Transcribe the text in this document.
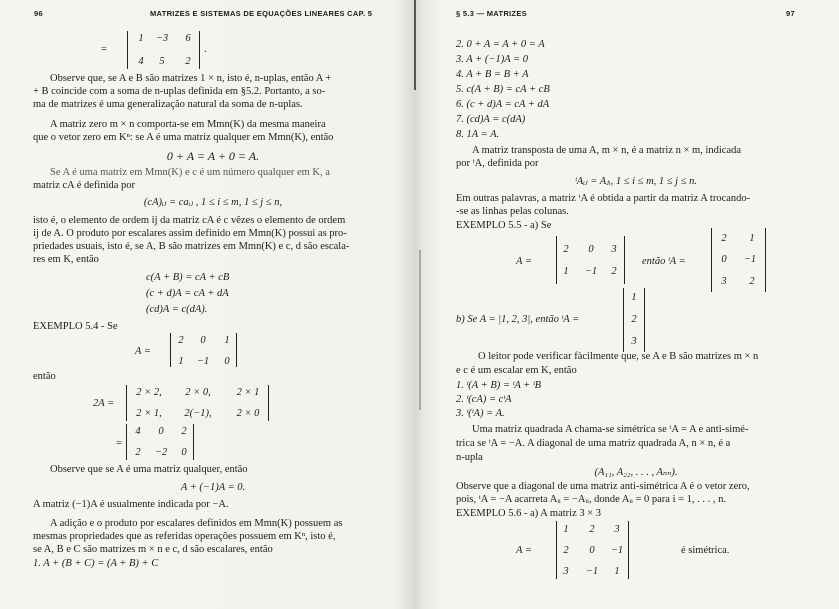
96	MATRIZES E SISTEMAS DE EQUAÇÕES LINEARES CAP. 5
=
1	−3	6
4	5	2
.
Observe que, se A e B são matrizes 1 × n, isto é, n-uplas, então A +
+ B coincide com a soma de n-uplas definida em §5.2. Portanto, a so-
ma de matrizes é uma generalização natural da soma de n-uplas.
A matriz zero m × n comporta-se em Mmn(K) da mesma maneira
que o vetor zero em Kⁿ: se A é uma matriz qualquer em Mmn(K), então
0 + A = A + 0 = A.
Se A é uma matriz em Mmn(K) e c é um número qualquer em K, a
matriz cA é definida por
(cA)ᵢⱼ = caᵢⱼ , 1 ≤ i ≤ m, 1 ≤ j ≤ n,
isto é, o elemento de ordem ij da matriz cA é c vêzes o elemento de ordem
ij de A. O produto por escalares assim definido em Mmn(K) possui as pro-
priedades usuais, isto é, se A, B são matrizes em Mmn(K) e c, d são escala-
res em K, então
c(A + B) = cA + cB
(c + d)A = cA + dA
(cd)A = c(dA).
EXEMPLO 5.4 - Se
A =
2	0	1
1	−1	0
então
2A =
2 × 2,	2 × 0,	2 × 1
2 × 1,	2(−1),	2 × 0
=
4	0	2
2	−2	0
Observe que se A é uma matriz qualquer, então
A + (−1)A = 0.
A matriz (−1)A é usualmente indicada por −A.
A adição e o produto por escalares definidos em Mmn(K) possuem as
mesmas propriedades que as referidas operações possuem em Kⁿ, isto é,
se A, B e C são matrizes m × n e c, d são escalares, então
1. A + (B + C) = (A + B) + C
§ 5.3 — MATRIZES	97
2. 0 + A = A + 0 = A
3. A + (−1)A = 0
4. A + B = B + A
5. c(A + B) = cA + cB
6. (c + d)A = cA + dA
7. (cd)A = c(dA)
8. 1A = A.
A matriz transposta de uma A, m × n, é a matriz n × m, indicada
por ᵗA, definida por
ᵗAᵢⱼ = Aⱼᵢ, 1 ≤ i ≤ m, 1 ≤ j ≤ n.
Em outras palavras, a matriz ᵗA é obtida a partir da matriz A trocando-
-se as linhas pelas colunas.
EXEMPLO 5.5 - a) Se
A =
2	0	3
1	−1	2
então ᵗA =
2	1
0	−1
3	2
b) Se A = |1, 2, 3|, então ᵗA =
1
2
3
O leitor pode verificar fàcilmente que, se A e B são matrizes m × n
e c é um escalar em K, então
1. ᵗ(A + B) = ᵗA + ᵗB
2. ᵗ(cA) = cᵗA
3. ᵗ(ᵗA) = A.
Uma matriz quadrada A chama-se simétrica se ᵗA = A e anti-simé-
trica se ᵗA = −A. A diagonal de uma matriz quadrada A, n × n, é a
n-upla
(A₁₁, A₂₂, . . . , Aₙₙ).
Observe que a diagonal de uma matriz anti-simétrica A é o vetor zero,
pois, ᵗA = −A acarreta Aᵢᵢ = −Aᵢᵢ, donde Aᵢᵢ = 0 para i = 1, . . . , n.
EXEMPLO 5.6 - a) A matriz 3 × 3
A =
1	2	3
2	0	−1
3	−1	1
é simétrica.
